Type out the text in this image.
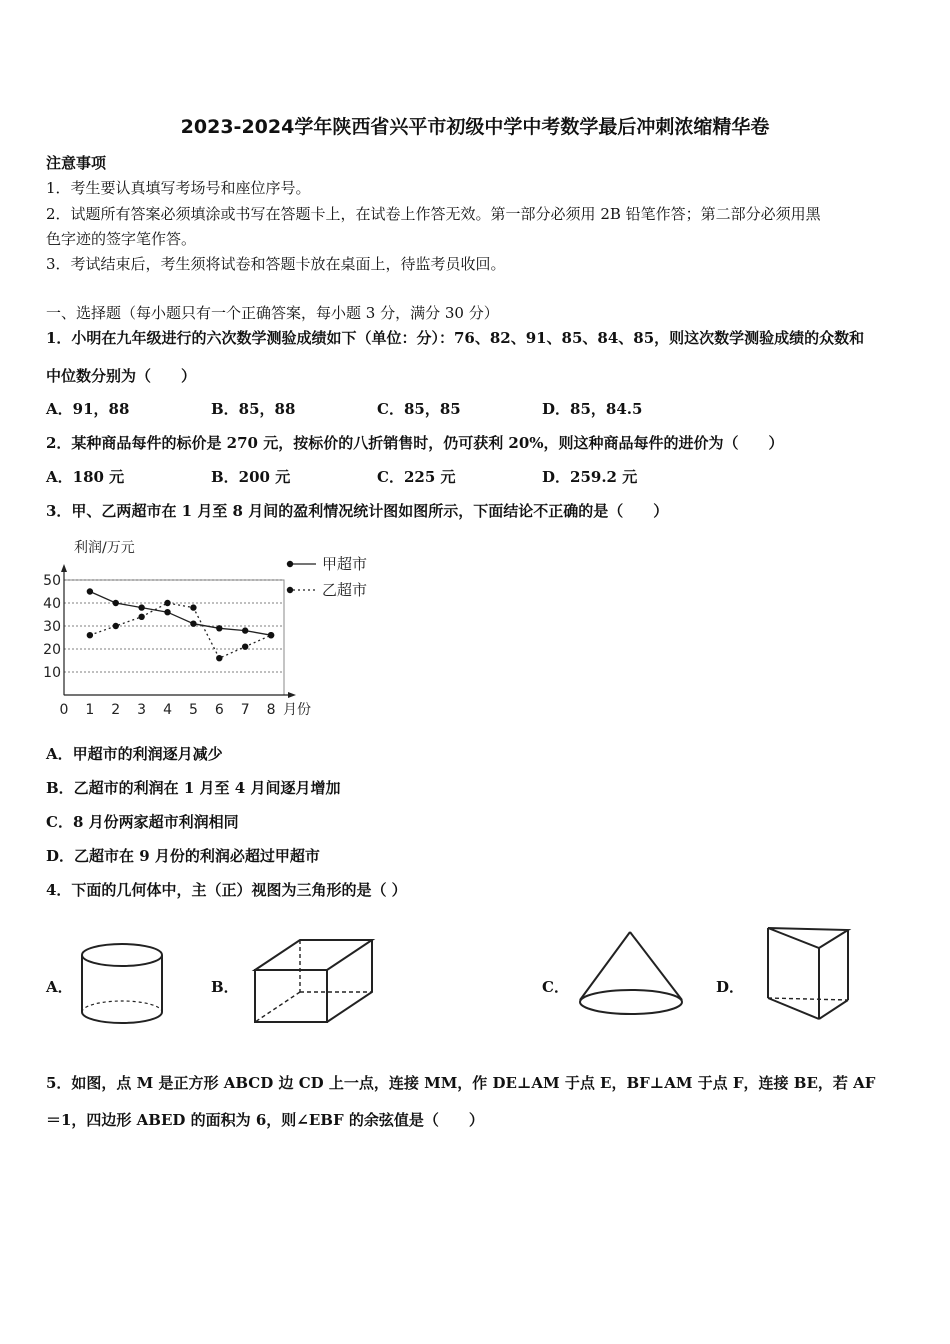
2023-2024学年陕西省兴平市初级中学中考数学最后冲刺浓缩精华卷
注意事项
1．考生要认真填写考场号和座位序号。
2．试题所有答案必须填涂或书写在答题卡上，在试卷上作答无效。第一部分必须用 2B 铅笔作答；第二部分必须用黑
色字迹的签字笔作答。
3．考试结束后，考生须将试卷和答题卡放在桌面上，待监考员收回。
一、选择题（每小题只有一个正确答案，每小题 3 分，满分 30 分）
1．小明在九年级进行的六次数学测验成绩如下（单位：分）：76、82、91、85、84、85，则这次数学测验成绩的众数和
中位数分别为（　　）
A．91，88	B．85，88	C．85，85	D．85，84.5
2．某种商品每件的标价是 270 元，按标价的八折销售时，仍可获利 20%，则这种商品每件的进价为（　　）
A．180 元	B．200 元	C．225 元	D．259.2 元
3．甲、乙两超市在 1 月至 8 月间的盈利情况统计图如图所示，下面结论不正确的是（　　）
10
20
30
40
50
0 1 2 3 4 5 6 7 8
利润/万元
月份
甲超市
乙超市
A．甲超市的利润逐月减少
B．乙超市的利润在 1 月至 4 月间逐月增加
C．8 月份两家超市利润相同
D．乙超市在 9 月份的利润必超过甲超市
4．下面的几何体中，主（正）视图为三角形的是（ ）
A．	B．	C．	D．
5．如图，点 M 是正方形 ABCD 边 CD 上一点，连接 MM，作 DE⊥AM 于点 E，BF⊥AM 于点 F，连接 BE，若 AF
＝1，四边形 ABED 的面积为 6，则∠EBF 的余弦值是（　　）
